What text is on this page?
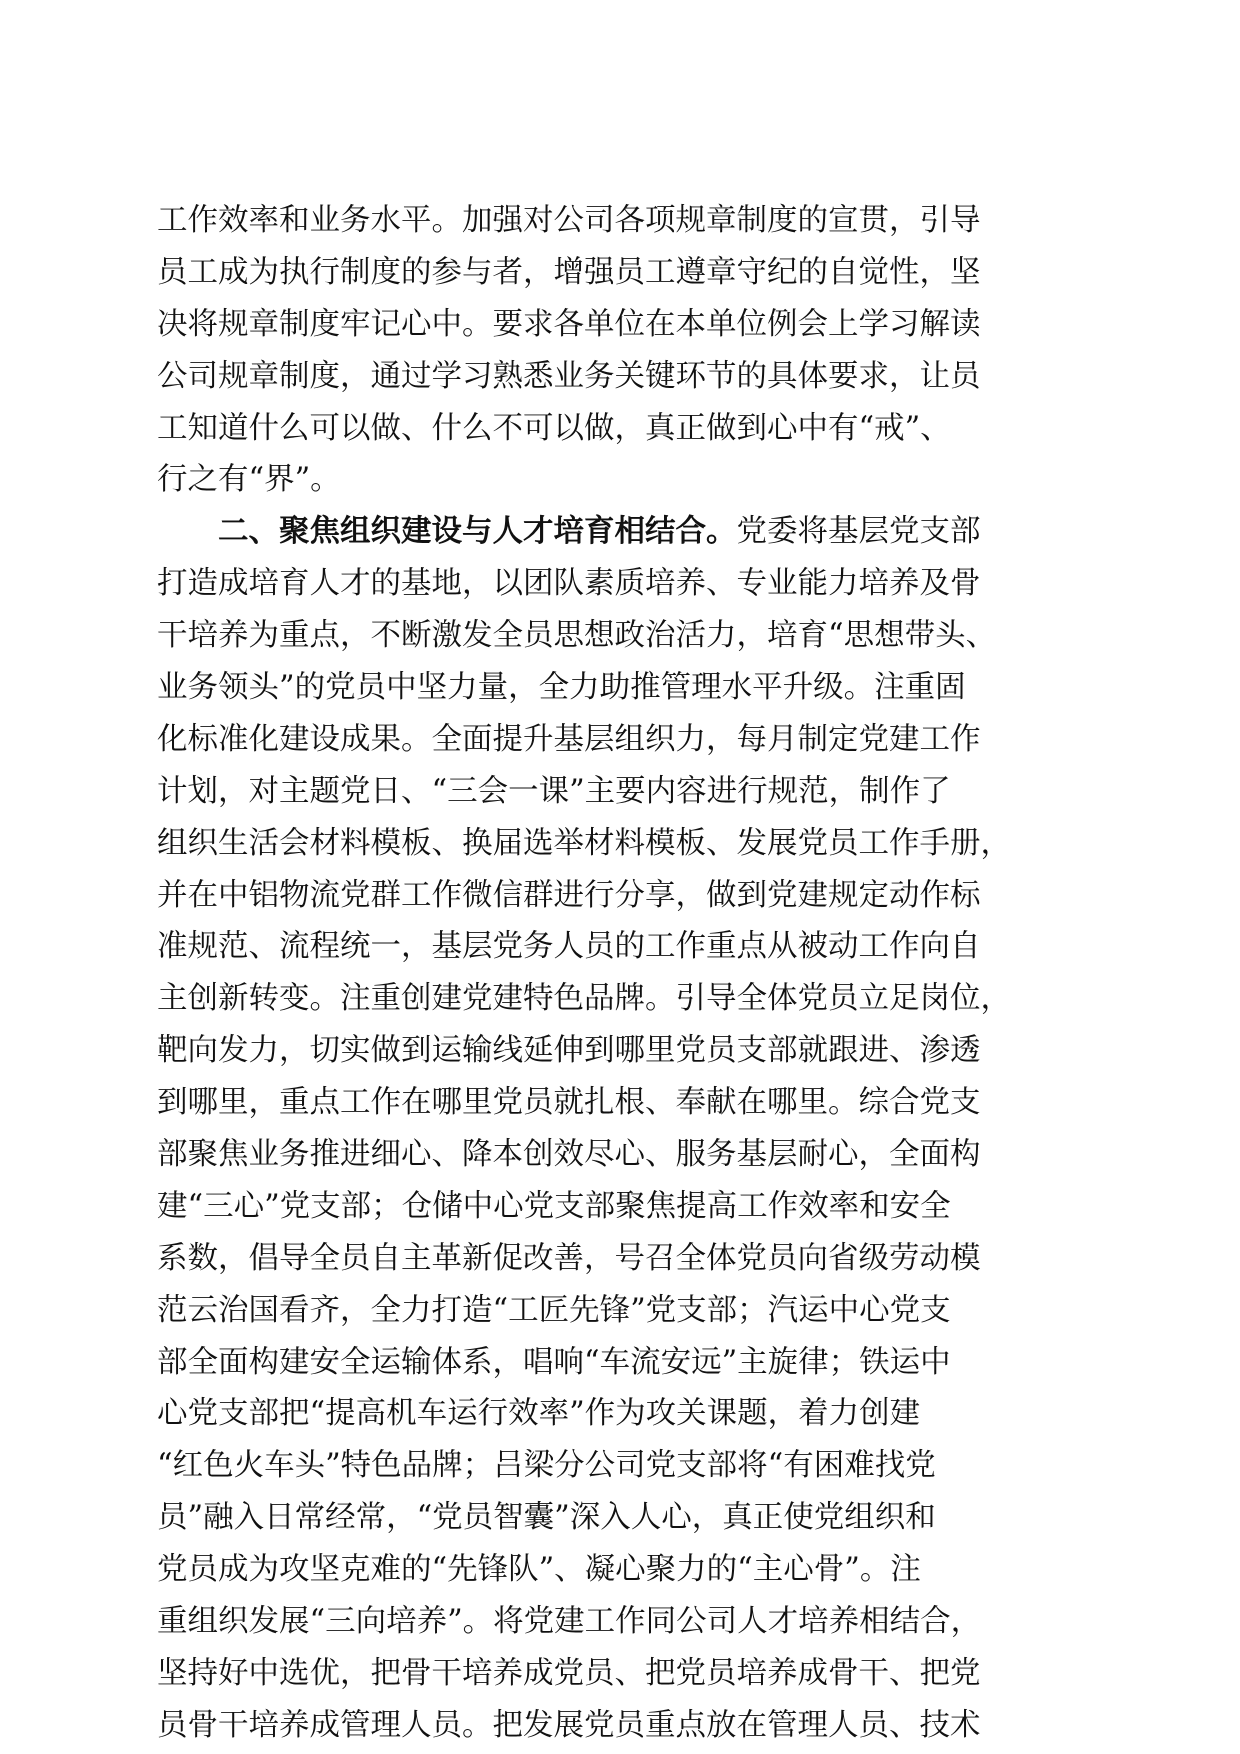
工作效率和业务水平。加强对公司各项规章制度的宣贯，引导
员工成为执行制度的参与者，增强员工遵章守纪的自觉性，坚
决将规章制度牢记心中。要求各单位在本单位例会上学习解读
公司规章制度，通过学习熟悉业务关键环节的具体要求，让员
工知道什么可以做、什么不可以做，真正做到心中有“戒”、
行之有“界”。
二、聚焦组织建设与人才培育相结合。党委将基层党支部
打造成培育人才的基地，以团队素质培养、专业能力培养及骨
干培养为重点，不断激发全员思想政治活力，培育“思想带头、
业务领头”的党员中坚力量，全力助推管理水平升级。注重固
化标准化建设成果。全面提升基层组织力，每月制定党建工作
计划，对主题党日、“三会一课”主要内容进行规范，制作了
组织生活会材料模板、换届选举材料模板、发展党员工作手册，
并在中铝物流党群工作微信群进行分享，做到党建规定动作标
准规范、流程统一，基层党务人员的工作重点从被动工作向自
主创新转变。注重创建党建特色品牌。引导全体党员立足岗位，
靶向发力，切实做到运输线延伸到哪里党员支部就跟进、渗透
到哪里，重点工作在哪里党员就扎根、奉献在哪里。综合党支
部聚焦业务推进细心、降本创效尽心、服务基层耐心，全面构
建“三心”党支部；仓储中心党支部聚焦提高工作效率和安全
系数，倡导全员自主革新促改善，号召全体党员向省级劳动模
范云治国看齐，全力打造“工匠先锋”党支部；汽运中心党支
部全面构建安全运输体系，唱响“车流安远”主旋律；铁运中
心党支部把“提高机车运行效率”作为攻关课题，着力创建
“红色火车头”特色品牌；吕梁分公司党支部将“有困难找党
员”融入日常经常，“党员智囊”深入人心，真正使党组织和
党员成为攻坚克难的“先锋队”、凝心聚力的“主心骨”。注
重组织发展“三向培养”。将党建工作同公司人才培养相结合，
坚持好中选优，把骨干培养成党员、把党员培养成骨干、把党
员骨干培养成管理人员。把发展党员重点放在管理人员、技术
